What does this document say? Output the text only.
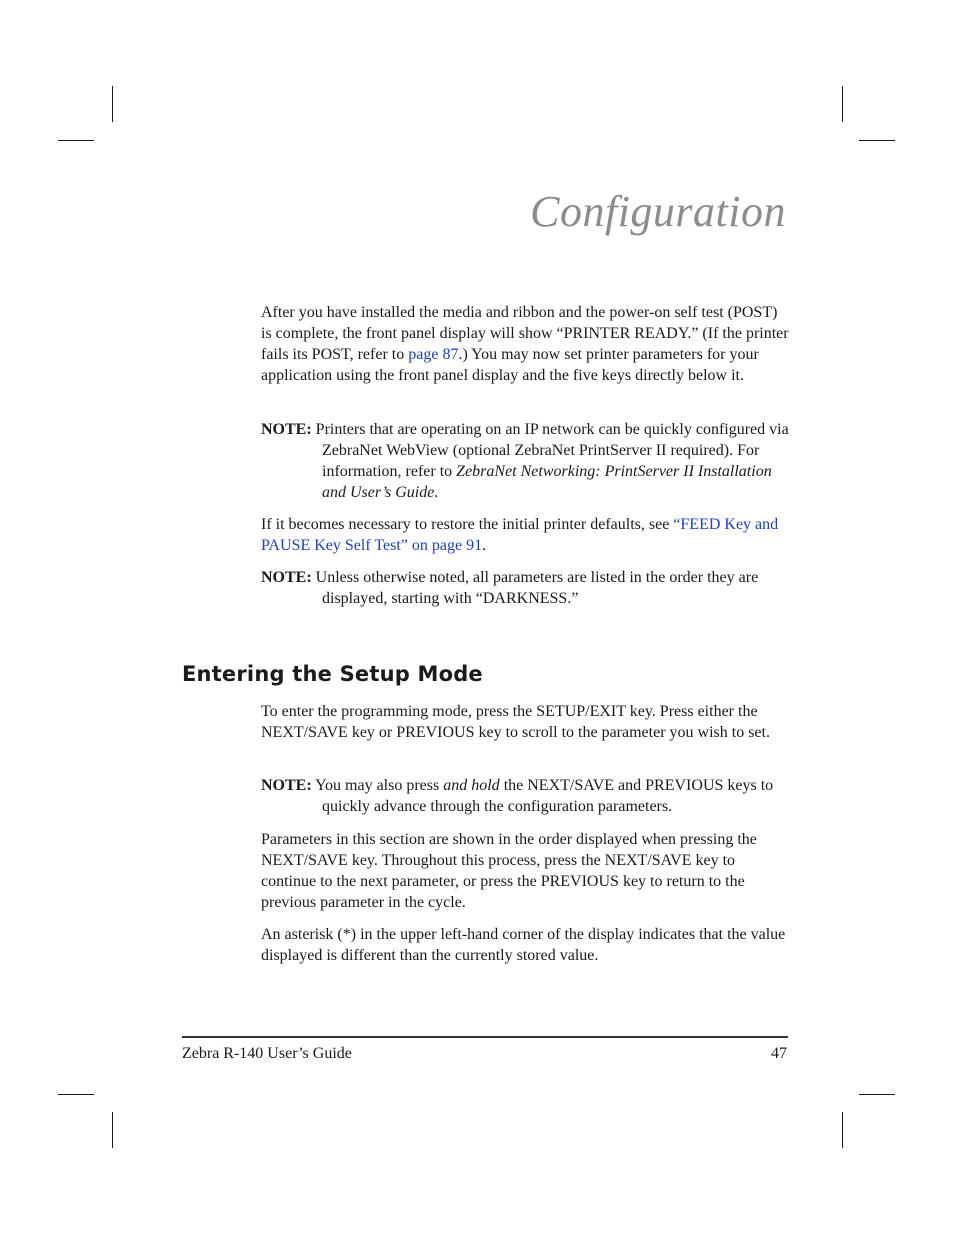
Configuration

After you have installed the media and ribbon and the power-on self test (POST) is complete, the front panel display will show “PRINTER READY.” (If the printer fails its POST, refer to page 87.) You may now set printer parameters for your application using the front panel display and the five keys directly below it.

NOTE: Printers that are operating on an IP network can be quickly configured via ZebraNet WebView (optional ZebraNet PrintServer II required). For information, refer to ZebraNet Networking: PrintServer II Installation and User’s Guide.

If it becomes necessary to restore the initial printer defaults, see “FEED Key and PAUSE Key Self Test” on page 91.

NOTE: Unless otherwise noted, all parameters are listed in the order they are displayed, starting with “DARKNESS.”

Entering the Setup Mode

To enter the programming mode, press the SETUP/EXIT key. Press either the NEXT/SAVE key or PREVIOUS key to scroll to the parameter you wish to set.

NOTE: You may also press and hold the NEXT/SAVE and PREVIOUS keys to quickly advance through the configuration parameters.

Parameters in this section are shown in the order displayed when pressing the NEXT/SAVE key. Throughout this process, press the NEXT/SAVE key to continue to the next parameter, or press the PREVIOUS key to return to the previous parameter in the cycle.

An asterisk (*) in the upper left-hand corner of the display indicates that the value displayed is different than the currently stored value.

Zebra R-140 User’s Guide	47
